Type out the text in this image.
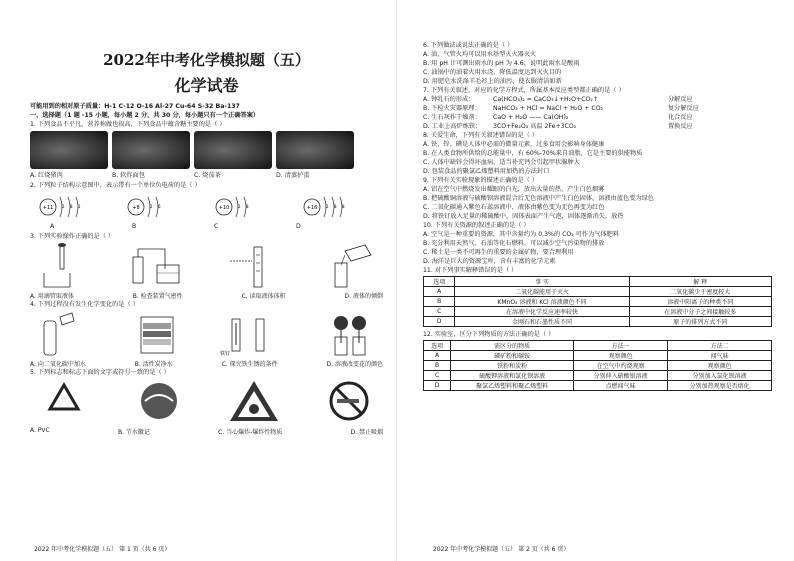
2022年中考化学模拟题（五）
化学试卷
可能用到的相对原子质量：H-1 C-12 O-16 Al-27 Cu-64 S-32 Ba-137
一、选择题（1 题 -15 小题，每小题 2 分，共 30 分，每小题只有一个正确答案）
1. 下列食品不平凡，营养称做也很高，下列食品中蕴含糖主要的是（ ）
A. 红烧猪肉	B. 软炸面包	C. 烧茄茶	D. 清蒸护蛋
2. 下列粒子结构示意图中，表示带有一个单位负电荷的是（ ）
+11 2 8 1	+8	2 6	+10 2 8	+16 2 8 8
A	B	C	D
3. 下列实验操作正确的是（ ）
A. 用滴管取液体	B. 检查装置气密性	C. 读取液体体积	D. 液体的倾倒
4. 下列过程没有发生化学变化的是（ ）
铁钉
A. 向二氧化碳中加水	B. 活性炭净水	C. 探究铁生锈的条件	D. 溶液改变花的颜色
5. 下列标志和标志下面的文字或符号一致的是（ ）
A. PVC	B. 节水徽记	C. 当心爆炸-爆炸性物质	D. 禁止吸烟
2022 年中考化学模拟题（五） 第 1 页（共 6 页）
6. 下列做法或说法正确的是（ ）
A. 油、气管火均可以用水基型灭火器灭火
B. 用 pH 计可测出雨水的 pH 为 4.6，说明此雨水是酸雨
C. 油锅中的油着火用水浇，降低温度达到灭火目的
D. 用肥皂水洗涤羊毛衫上的油污，使衣服清洁如新
7. 下列有关叙述、对应的化学方程式，所属基本反应类型都正确的是（ ）
A. 钟乳石的形成：	Ca(HCO₃)₂ = CaCO₃↓+H₂O+CO₂↑	分解反应
B. 下检火灾器原理：	NaHCO₃ + HCl = NaCl + H₂O + CO₂	复分解反应
C. 生石灰作干燥剂：	CaO + H₂O —— Ca(OH)₂	化合反应
D. 工业上高炉炼铁：	3CO+Fe₂O₃ 高温 2Fe+3CO₂	置换反应
8. 关爱生命，下列有关叙述错误的是（ ）
A. 铁、锌、碘是人体中必需的微量元素，过多食用会影响身体健康
B. 在人类食物所供给的总能量中，有 60%-70%来自油脂，它是主要的供能物质
C. 人体中缺锌会得坏血病，适当补充钙会引起甲状腺肿大
D. 包装食品的聚氯乙烯塑料用加热的方法封口
9. 下列有关实验现象的描述正确的是（ ）
A. 铝在空气中燃烧发出耀眼的白光，放出大量的热，产生白色烟雾
B. 把硫酸铜溶液与硫酸钡溶液混合后无色溶液中产生白色固体，溶液由蓝色变为绿色
C. 二氧化碳通入紫色石蕊溶液中，液体由紫色变为无色再变为红色
D. 将铁钉放入足量的稀硫酸中，固体表面产生气泡，固体逐渐消失，放热
10. 下列有关资源的叙述正确的是（ ）
A. 空气是一种重要的资源，其中含量约为 0.3%的 CO₂ 可作为气体肥料
B. 充分利用天然气、石油等化石燃料，可以减少空气污染物的排放
C. 稀土是一类不可再生的重要的金属矿物，要合理利用
D. 海洋是巨大的资源宝库，含有丰富的化学元素
11. 对下列事实解释错误的是（ ）
选项	事 实	解 释
A	二氧化碳能用于灭火	二氧化碳少于密度较大
B	KMnO₄ 溶液和 KCl 溶液颜色不同	溶液中阳离子的种类不同
C	在溶液中化学反应速率较快	在溶液中分子之间接触较多
D	金刚石和石墨性质不同	原子的排列方式不同
12. 实验室，区分下列物质的方法正确的是（ ）
选项	需区分的物质	方法一	方法二
A	磷矿粉和碳铵	观察颜色	闻气味
B	铁粉和炭粉	在空气中灼烧观察	观察颜色
C	硫酸钾溶液和氯化钡溶液	分别伸入硝酸银溶液	分别加入氯化钡溶液
D	聚氯乙烯塑料和聚乙烯塑料	点燃闻气味	分别加热观察是否熔化
2022 年中考化学模拟题（五） 第 2 页（共 6 页）
